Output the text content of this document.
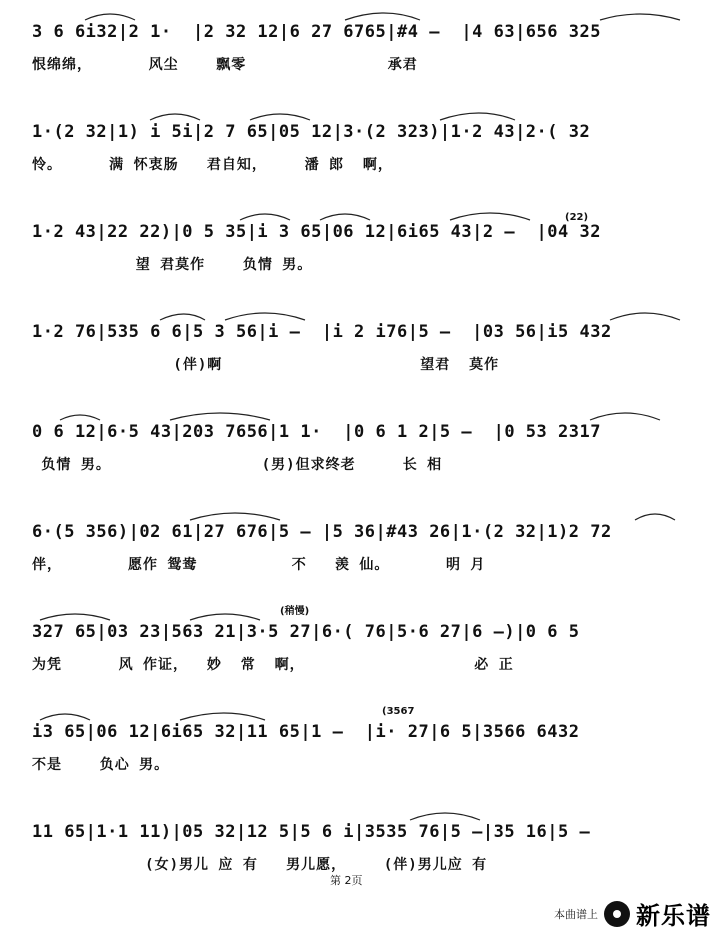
3 6 6i32|2 1·  |2 32 12|6 27 6765|#4 –  |4 63|656 325

恨绵绵，      风尘    飘零               承君

1·(2 32|1) i 5i|2 7 65|05 12|3·(2 323)|1·2 43|2·( 32

怜。     满 怀衷肠   君自知，    潘 郎  啊，

(22)

1·2 43|22 22)|0 5 35|i 3 65|06 12|6i65 43|2 –  |04 32

望 君莫作    负情 男。

1·2 76|535 6 6|5 3 56|i –  |i 2 i76|5 –  |03 56|i5 432

(伴)啊                     望君  莫作

0 6 12|6·5 43|203 7656|1 1·  |0 6 1 2|5 –  |0 53 2317

负情 男。                (男)但求终老     长 相

6·(5 356)|02 61|27 676|5 – |5 36|#43 26|1·(2 32|1)2 72

伴，       愿作 鸳鸯          不   羡 仙。      明 月

(稍慢)

327 65|03 23|563 21|3·5 27|6·( 76|5·6 27|6 –)|0 6 5

为凭      风 作证，  妙  常  啊，                  必 正

(3567

i3 65|06 12|6i65 32|11 65|1 –  |i· 27|6 5|3566 6432

不是    负心 男。

11 65|1·1 11)|05 32|12 5|5 6 i|3535 76|5 –|35 16|5 –

(女)男儿 应 有   男儿愿，    (伴)男儿应 有

第 2页
本曲谱上 新乐谱
